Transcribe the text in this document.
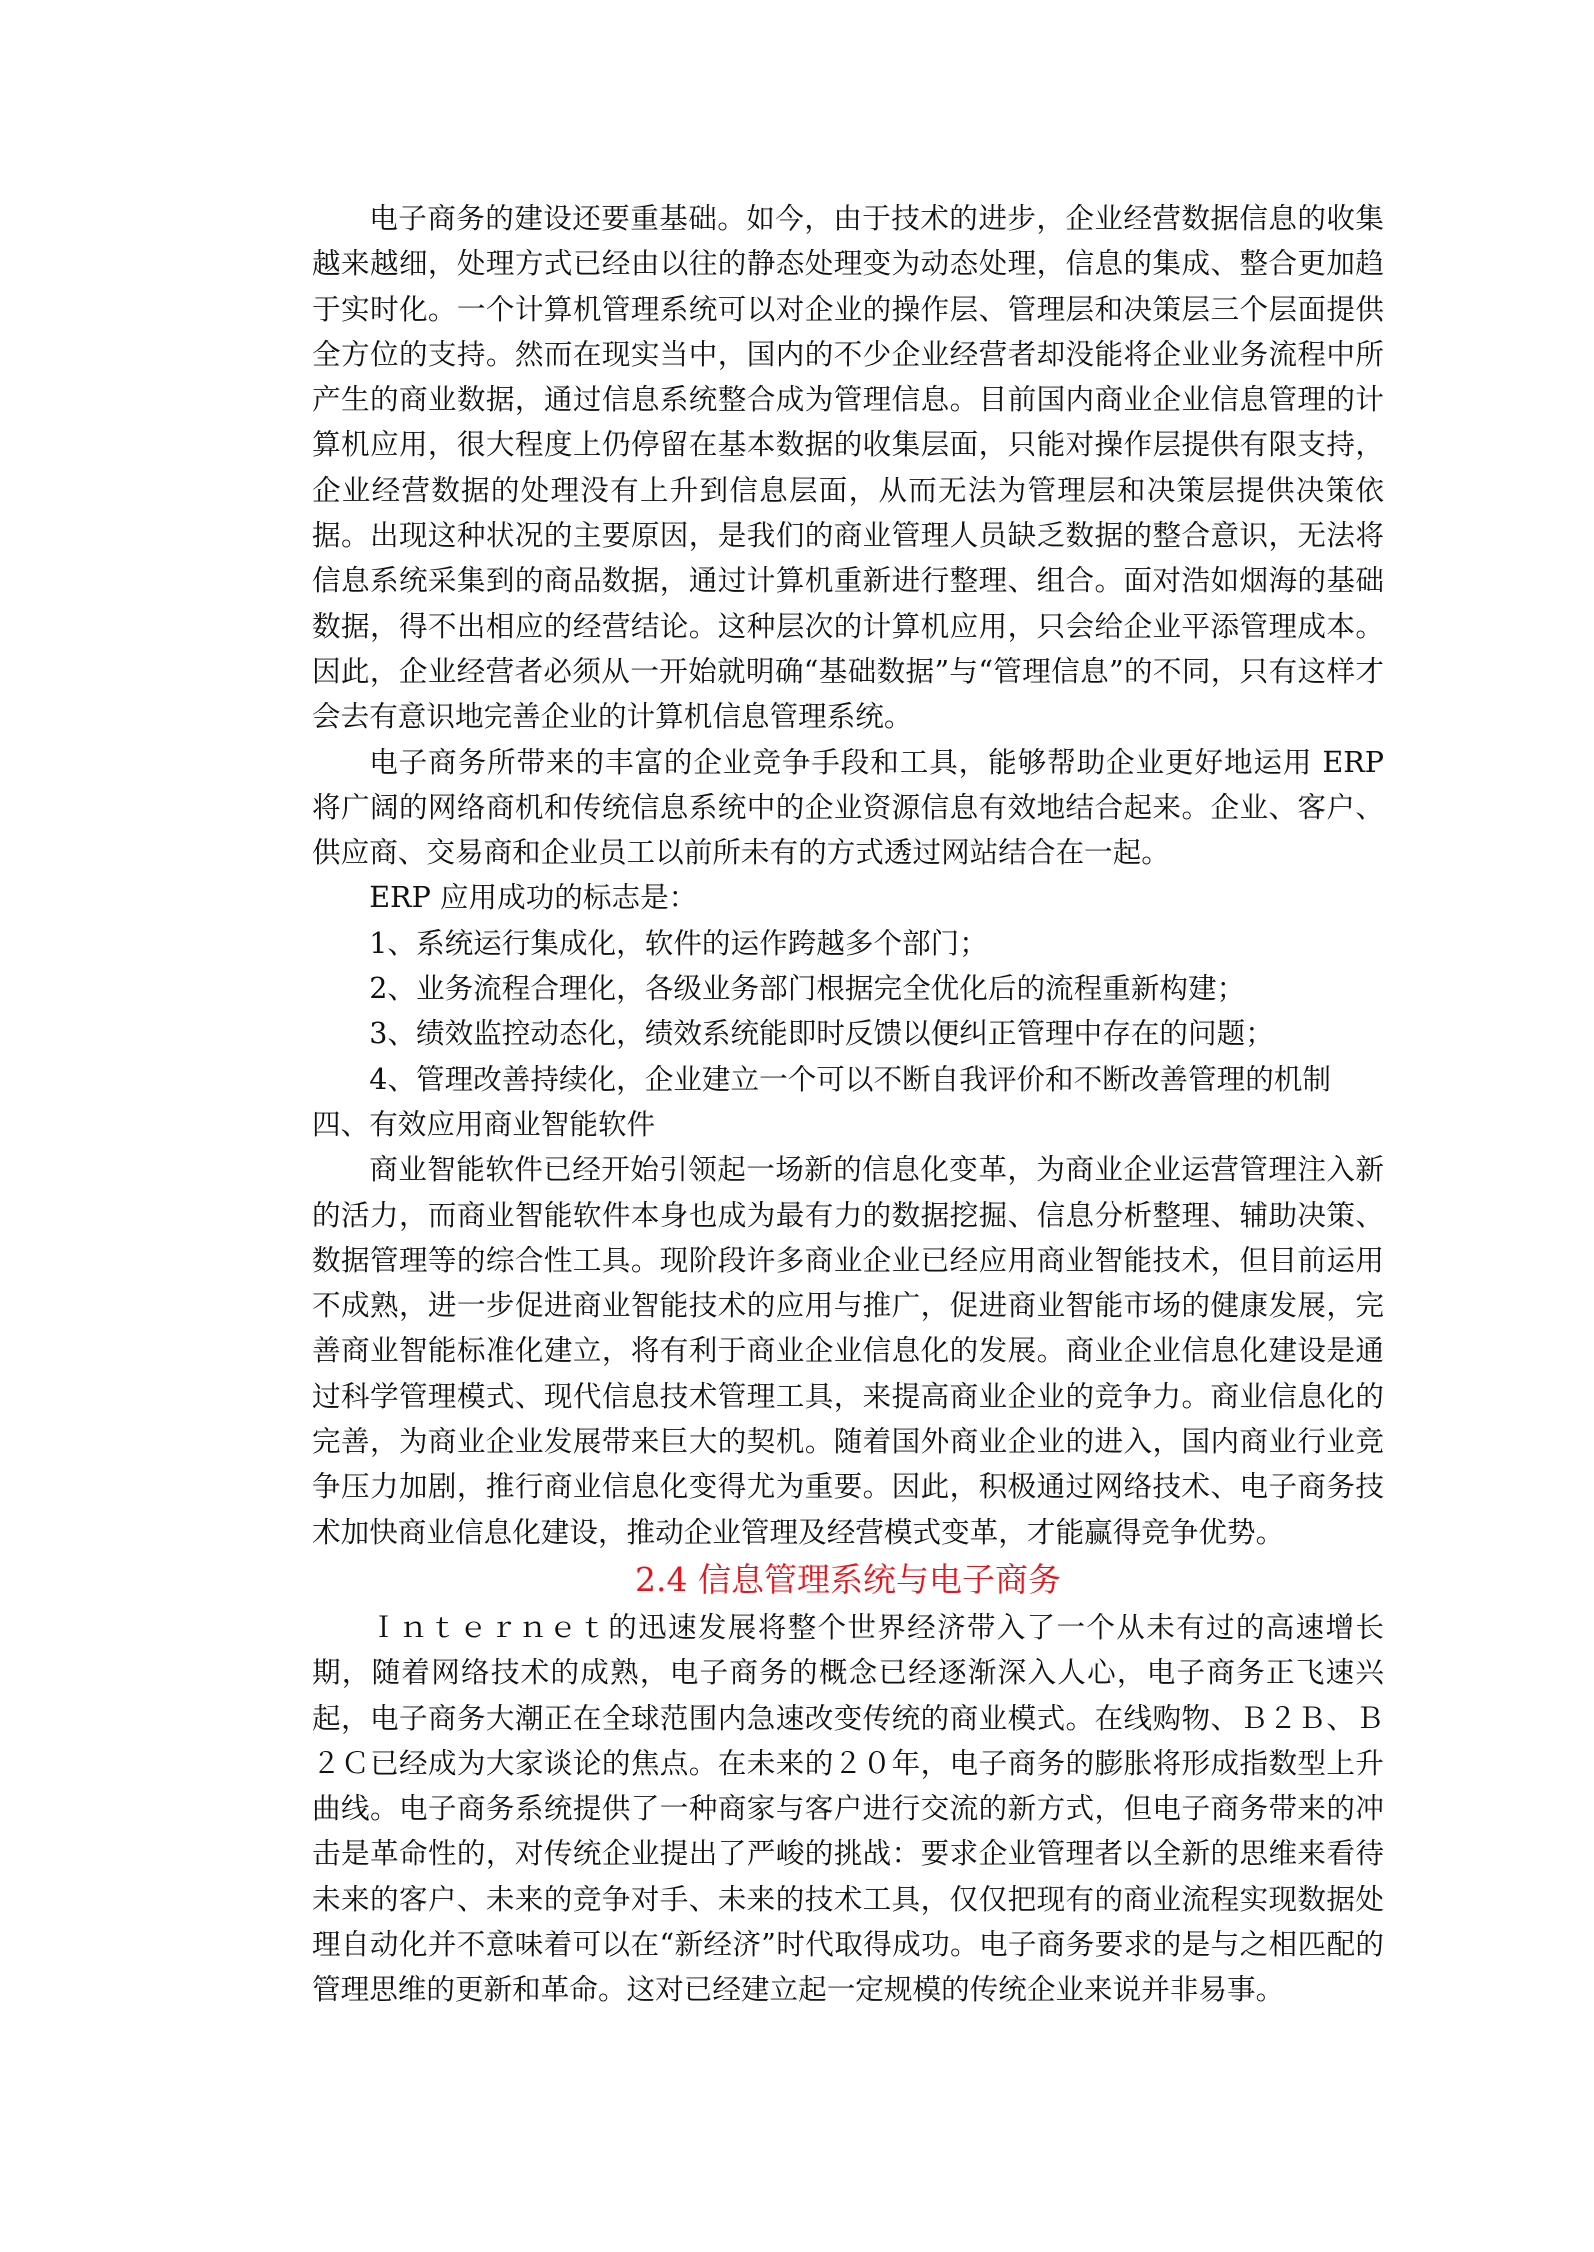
电子商务的建设还要重基础。如今，由于技术的进步，企业经营数据信息的收集越来越细，处理方式已经由以往的静态处理变为动态处理，信息的集成、整合更加趋于实时化。一个计算机管理系统可以对企业的操作层、管理层和决策层三个层面提供全方位的支持。然而在现实当中，国内的不少企业经营者却没能将企业业务流程中所产生的商业数据，通过信息系统整合成为管理信息。目前国内商业企业信息管理的计算机应用，很大程度上仍停留在基本数据的收集层面，只能对操作层提供有限支持，企业经营数据的处理没有上升到信息层面，从而无法为管理层和决策层提供决策依据。出现这种状况的主要原因，是我们的商业管理人员缺乏数据的整合意识，无法将信息系统采集到的商品数据，通过计算机重新进行整理、组合。面对浩如烟海的基础数据，得不出相应的经营结论。这种层次的计算机应用，只会给企业平添管理成本。因此，企业经营者必须从一开始就明确“基础数据”与“管理信息”的不同，只有这样才会去有意识地完善企业的计算机信息管理系统。

电子商务所带来的丰富的企业竞争手段和工具，能够帮助企业更好地运用 ERP 将广阔的网络商机和传统信息系统中的企业资源信息有效地结合起来。企业、客户、供应商、交易商和企业员工以前所未有的方式透过网站结合在一起。

ERP 应用成功的标志是：

1、系统运行集成化，软件的运作跨越多个部门；

2、业务流程合理化，各级业务部门根据完全优化后的流程重新构建；

3、绩效监控动态化，绩效系统能即时反馈以便纠正管理中存在的问题；

4、管理改善持续化，企业建立一个可以不断自我评价和不断改善管理的机制

四、有效应用商业智能软件

商业智能软件已经开始引领起一场新的信息化变革，为商业企业运营管理注入新的活力，而商业智能软件本身也成为最有力的数据挖掘、信息分析整理、辅助决策、数据管理等的综合性工具。现阶段许多商业企业已经应用商业智能技术，但目前运用不成熟，进一步促进商业智能技术的应用与推广，促进商业智能市场的健康发展，完善商业智能标准化建立，将有利于商业企业信息化的发展。商业企业信息化建设是通过科学管理模式、现代信息技术管理工具，来提高商业企业的竞争力。商业信息化的完善，为商业企业发展带来巨大的契机。随着国外商业企业的进入，国内商业行业竞争压力加剧，推行商业信息化变得尤为重要。因此，积极通过网络技术、电子商务技术加快商业信息化建设，推动企业管理及经营模式变革，才能赢得竞争优势。

2.4 信息管理系统与电子商务

Ｉｎｔｅｒｎｅｔ的迅速发展将整个世界经济带入了一个从未有过的高速增长期，随着网络技术的成熟，电子商务的概念已经逐渐深入人心，电子商务正飞速兴起，电子商务大潮正在全球范围内急速改变传统的商业模式。在线购物、Ｂ２Ｂ、Ｂ２Ｃ已经成为大家谈论的焦点。在未来的２０年，电子商务的膨胀将形成指数型上升曲线。电子商务系统提供了一种商家与客户进行交流的新方式，但电子商务带来的冲击是革命性的，对传统企业提出了严峻的挑战：要求企业管理者以全新的思维来看待未来的客户、未来的竞争对手、未来的技术工具，仅仅把现有的商业流程实现数据处理自动化并不意味着可以在“新经济”时代取得成功。电子商务要求的是与之相匹配的管理思维的更新和革命。这对已经建立起一定规模的传统企业来说并非易事。
